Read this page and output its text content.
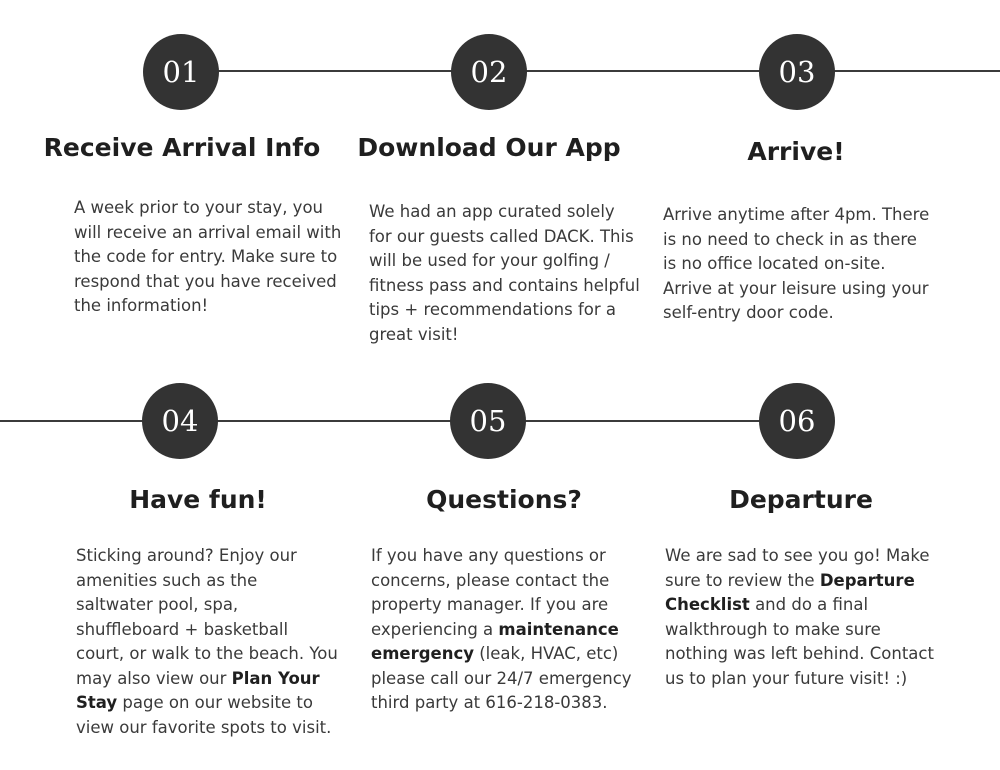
01
Receive Arrival Info
A week prior to your stay, you will receive an arrival email with the code for entry. Make sure to respond that you have received the information!
02
Download Our App
We had an app curated solely for our guests called DACK. This will be used for your golfing / fitness pass and contains helpful tips + recommendations for a great visit!
03
Arrive!
Arrive anytime after 4pm. There is no need to check in as there is no office located on-site. Arrive at your leisure using your self-entry door code.
04
Have fun!
Sticking around? Enjoy our amenities such as the saltwater pool, spa, shuffleboard + basketball court, or walk to the beach. You may also view our Plan Your Stay page on our website to view our favorite spots to visit.
05
Questions?
If you have any questions or concerns, please contact the property manager. If you are experiencing a maintenance emergency (leak, HVAC, etc) please call our 24/7 emergency third party at 616-218-0383.
06
Departure
We are sad to see you go! Make sure to review the Departure Checklist and do a final walkthrough to make sure nothing was left behind. Contact us to plan your future visit! :)
